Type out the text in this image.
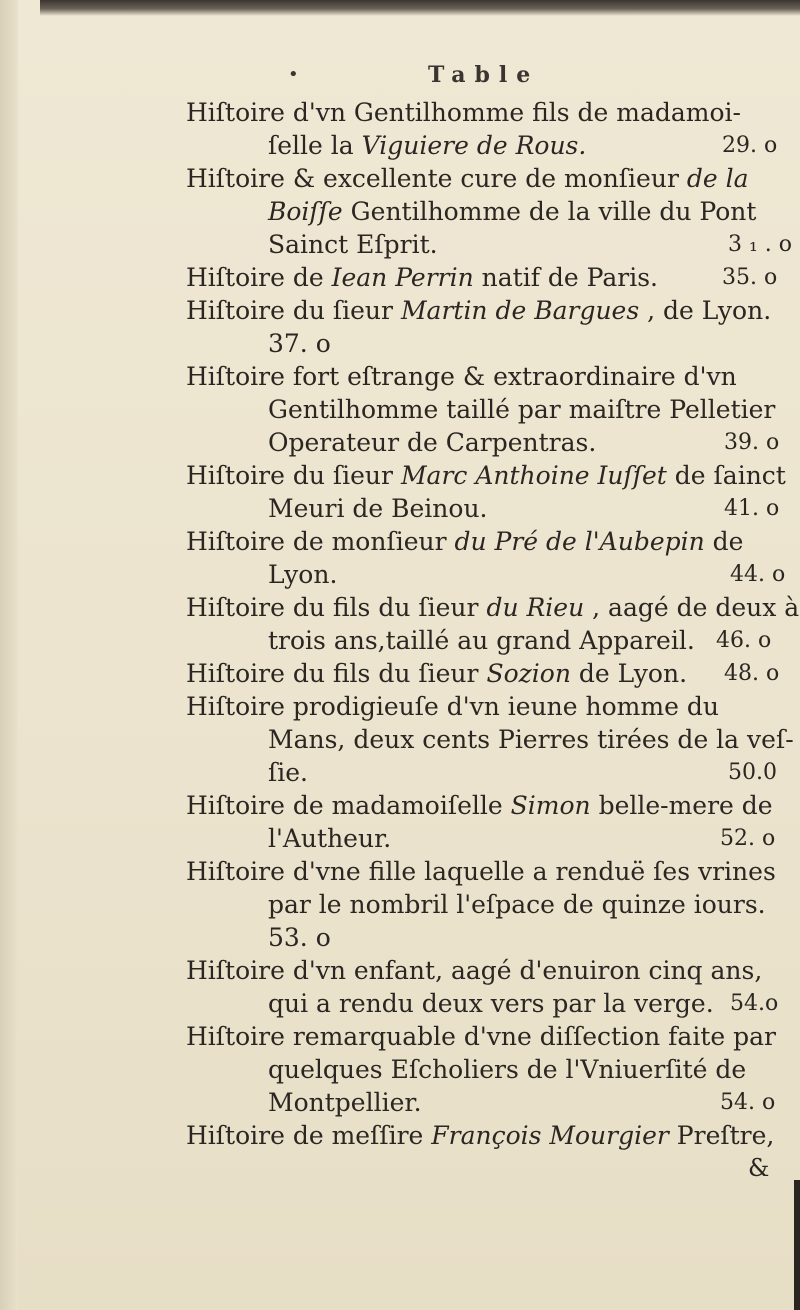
•	Table
Hiſtoire d'vn Gentilhomme fils de madamoi-
ſelle la Viguiere de Rous.	29. o
Hiſtoire & excellente cure de monſieur de la
Boiſſe Gentilhomme de la ville du Pont
Sainct Eſprit.	3 ₁ . o
Hiſtoire de Iean Perrin natif de Paris.	35. o
Hiſtoire du ſieur Martin de Bargues , de Lyon.
37. o
Hiſtoire fort eſtrange & extraordinaire d'vn
Gentilhomme taillé par maiſtre Pelletier
Operateur de Carpentras.	39. o
Hiſtoire du ſieur Marc Anthoine Iuſſet de ſainct
Meuri de Beinou.	41. o
Hiſtoire de monſieur du Pré de l'Aubepin de
Lyon.	44. o
Hiſtoire du fils du ſieur du Rieu , aagé de deux à
trois ans,taillé au grand Appareil. 46. o
Hiſtoire du fils du ſieur Sozion de Lyon. 48. o
Hiſtoire prodigieuſe d'vn ieune homme du
Mans, deux cents Pierres tirées de la veſ-
ſie.	50.0
Hiſtoire de madamoiſelle Simon belle-mere de
l'Autheur.	52. o
Hiſtoire d'vne fille laquelle a renduë ſes vrines
par le nombril l'eſpace de quinze iours.
53. o
Hiſtoire d'vn enfant, aagé d'enuiron cinq ans,
qui a rendu deux vers par la verge. 54.o
Hiſtoire remarquable d'vne diſſection faite par
quelques Eſcholiers de l'Vniuerſité de
Montpellier.	54. o
Hiſtoire de meſſire François Mourgier Preſtre,
&
